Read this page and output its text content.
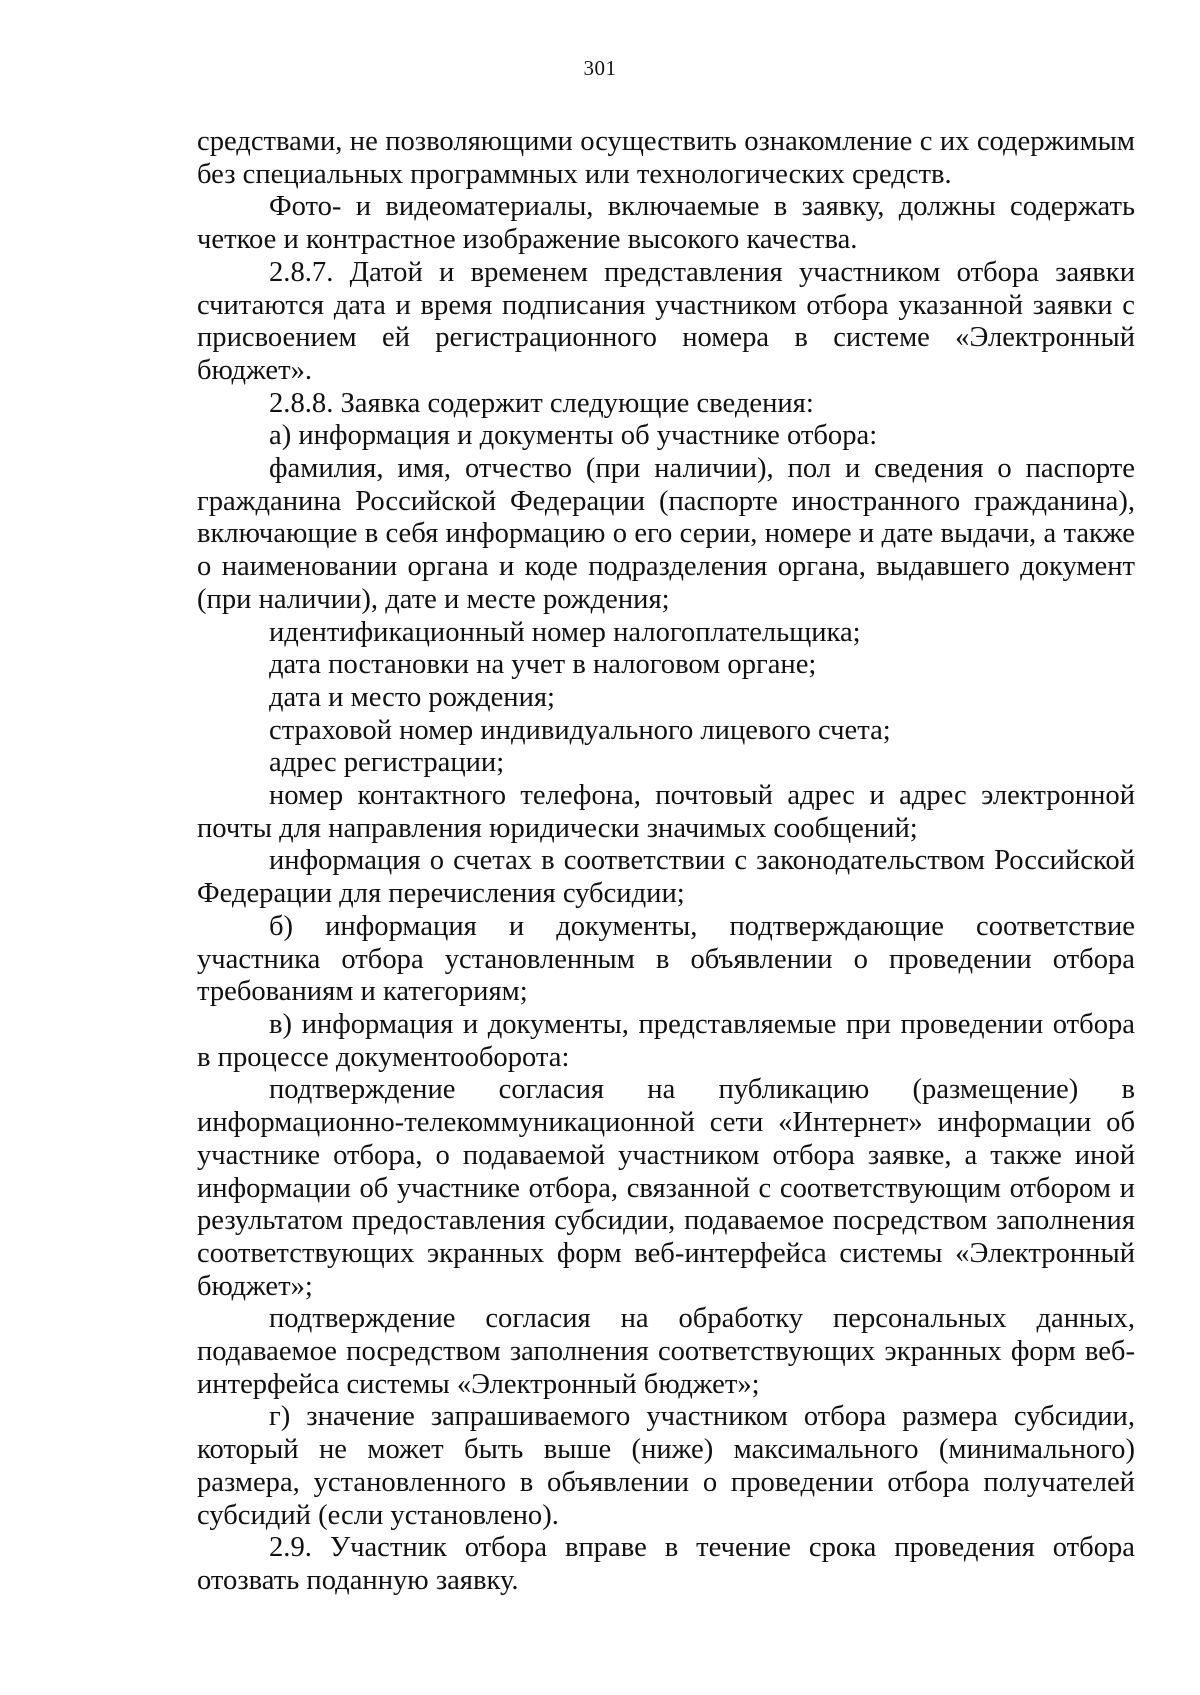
301

средствами, не позволяющими осуществить ознакомление с их содержимым без специальных программных или технологических средств.

Фото- и видеоматериалы, включаемые в заявку, должны содержать четкое и контрастное изображение высокого качества.

2.8.7. Датой и временем представления участником отбора заявки считаются дата и время подписания участником отбора указанной заявки с присвоением ей регистрационного номера в системе «Электронный бюджет».

2.8.8. Заявка содержит следующие сведения:

а) информация и документы об участнике отбора:

фамилия, имя, отчество (при наличии), пол и сведения о паспорте гражданина Российской Федерации (паспорте иностранного гражданина), включающие в себя информацию о его серии, номере и дате выдачи, а также о наименовании органа и коде подразделения органа, выдавшего документ (при наличии), дате и месте рождения;

идентификационный номер налогоплательщика;

дата постановки на учет в налоговом органе;

дата и место рождения;

страховой номер индивидуального лицевого счета;

адрес регистрации;

номер контактного телефона, почтовый адрес и адрес электронной почты для направления юридически значимых сообщений;

информация о счетах в соответствии с законодательством Российской Федерации для перечисления субсидии;

б) информация и документы, подтверждающие соответствие участника отбора установленным в объявлении о проведении отбора требованиям и категориям;

в) информация и документы, представляемые при проведении отбора в процессе документооборота:

подтверждение согласия на публикацию (размещение) в информационно-телекоммуникационной сети «Интернет» информации об участнике отбора, о подаваемой участником отбора заявке, а также иной информации об участнике отбора, связанной с соответствующим отбором и результатом предоставления субсидии, подаваемое посредством заполнения соответствующих экранных форм веб-интерфейса системы «Электронный бюджет»;

подтверждение согласия на обработку персональных данных, подаваемое посредством заполнения соответствующих экранных форм веб-интерфейса системы «Электронный бюджет»;

г) значение запрашиваемого участником отбора размера субсидии, который не может быть выше (ниже) максимального (минимального) размера, установленного в объявлении о проведении отбора получателей субсидий (если установлено).

2.9. Участник отбора вправе в течение срока проведения отбора отозвать поданную заявку.
